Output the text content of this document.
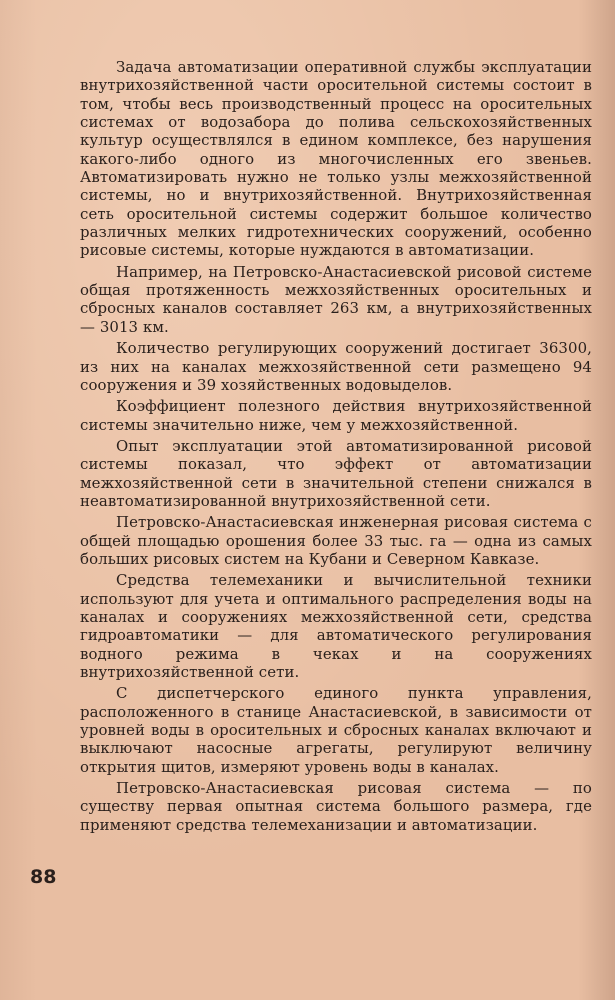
Задача автоматизации оперативной службы эксплуатации внутрихозяйственной части оросительной системы состоит в том, чтобы весь производственный процесс на оросительных системах от водозабора до полива сельскохозяйственных культур осуществлялся в едином комплексе, без нарушения какого-либо одного из многочисленных его звеньев. Автоматизировать нужно не только узлы межхозяйственной системы, но и внутрихозяйственной. Внутрихозяйственная сеть оросительной системы содержит большое количество различных мелких гидротехнических сооружений, особенно рисовые системы, которые нуждаются в автоматизации.

Например, на Петровско-Анастасиевской рисовой системе общая протяженность межхозяйственных оросительных и сбросных каналов составляет 263 км, а внутрихозяйственных — 3013 км.

Количество регулирующих сооружений достигает 36300, из них на каналах межхозяйственной сети размещено 94 сооружения и 39 хозяйственных водовыделов.

Коэффициент полезного действия внутрихозяйственной системы значительно ниже, чем у межхозяйственной.

Опыт эксплуатации этой автоматизированной рисовой системы показал, что эффект от автоматизации межхозяйственной сети в значительной степени снижался в неавтоматизированной внутрихозяйственной сети.

Петровско-Анастасиевская инженерная рисовая система с общей площадью орошения более 33 тыс. га — одна из самых больших рисовых систем на Кубани и Северном Кавказе.

Средства телемеханики и вычислительной техники используют для учета и оптимального распределения воды на каналах и сооружениях межхозяйственной сети, средства гидроавтоматики — для автоматического регулирования водного режима в чеках и на сооружениях внутрихозяйственной сети.

С диспетчерского единого пункта управления, расположенного в станице Анастасиевской, в зависимости от уровней воды в оросительных и сбросных каналах включают и выключают насосные агрегаты, регулируют величину открытия щитов, измеряют уровень воды в каналах.

Петровско-Анастасиевская рисовая система — по существу первая опытная система большого размера, где применяют средства телемеханизации и автоматизации.

88
